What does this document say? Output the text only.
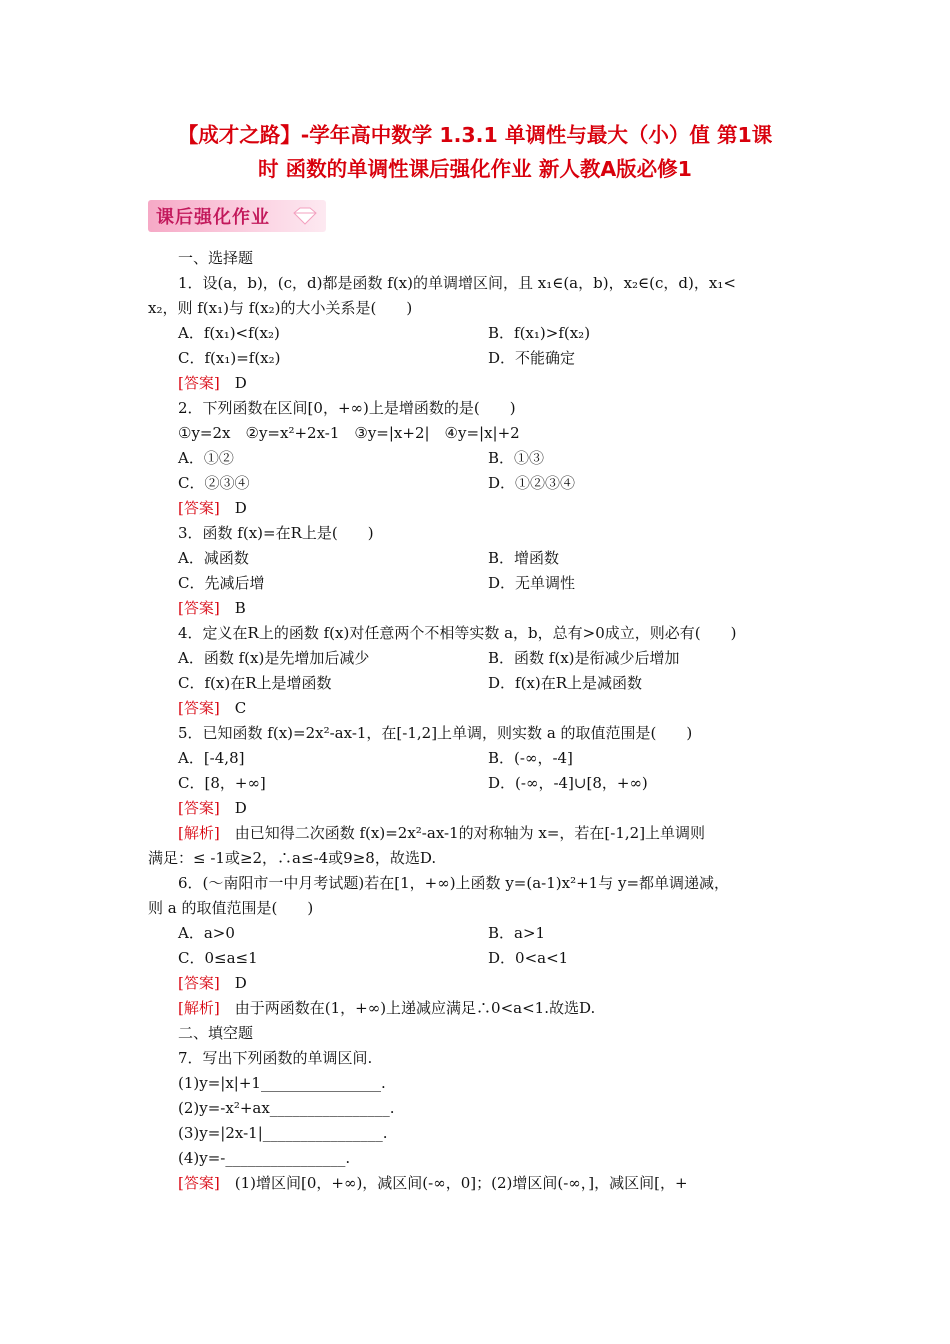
【成才之路】-学年高中数学 1.3.1 单调性与最大（小）值 第1课
时 函数的单调性课后强化作业 新人教A版必修1
课后强化作业
一、选择题
1．设(a，b)，(c，d)都是函数 f(x)的单调增区间，且 x₁∈(a，b)，x₂∈(c，d)，x₁<
x₂，则 f(x₁)与 f(x₂)的大小关系是(　　)
A．f(x₁)<f(x₂)	B．f(x₁)>f(x₂)
C．f(x₁)=f(x₂)	D．不能确定
[答案]　 D
2．下列函数在区间[0，+∞)上是增函数的是(　　)
①y=2x　②y=x²+2x-1　③y=|x+2|　④y=|x|+2
A．①②	B．①③
C．②③④	D．①②③④
[答案]　 D
3．函数 f(x)=在R上是(　　)
A．减函数	B．增函数
C．先减后增	D．无单调性
[答案]　 B
4．定义在R上的函数 f(x)对任意两个不相等实数 a，b，总有>0成立，则必有(　　)
A．函数 f(x)是先增加后减少	B．函数 f(x)是衔减少后增加
C．f(x)在R上是增函数	D．f(x)在R上是减函数
[答案]　 C
5．已知函数 f(x)=2x²-ax-1，在[-1,2]上单调，则实数 a 的取值范围是(　　)
A．[-4,8]	B．(-∞，-4]
C．[8，+∞]	D．(-∞，-4]∪[8，+∞)
[答案]　 D
[解析]　 由已知得二次函数 f(x)=2x²-ax-1的对称轴为 x=，若在[-1,2]上单调则
满足：≤ -1或≥2，∴a≤-4或9≥8，故选D.
6．(～南阳市一中月考试题)若在[1，+∞)上函数 y=(a-1)x²+1与 y=都单调递减，
则 a 的取值范围是(　　)
A．a>0	B．a>1
C．0≤a≤1	D．0<a<1
[答案]　 D
[解析]　 由于两函数在(1，+∞)上递减应满足∴0<a<1.故选D.
二、填空题
7．写出下列函数的单调区间.
(1)y=|x|+1________________.
(2)y=-x²+ax________________.
(3)y=|2x-1|________________.
(4)y=-________________.
[答案]　 (1)增区间[0，+∞)，减区间(-∞，0]；(2)增区间(-∞，]，减区间[，+
